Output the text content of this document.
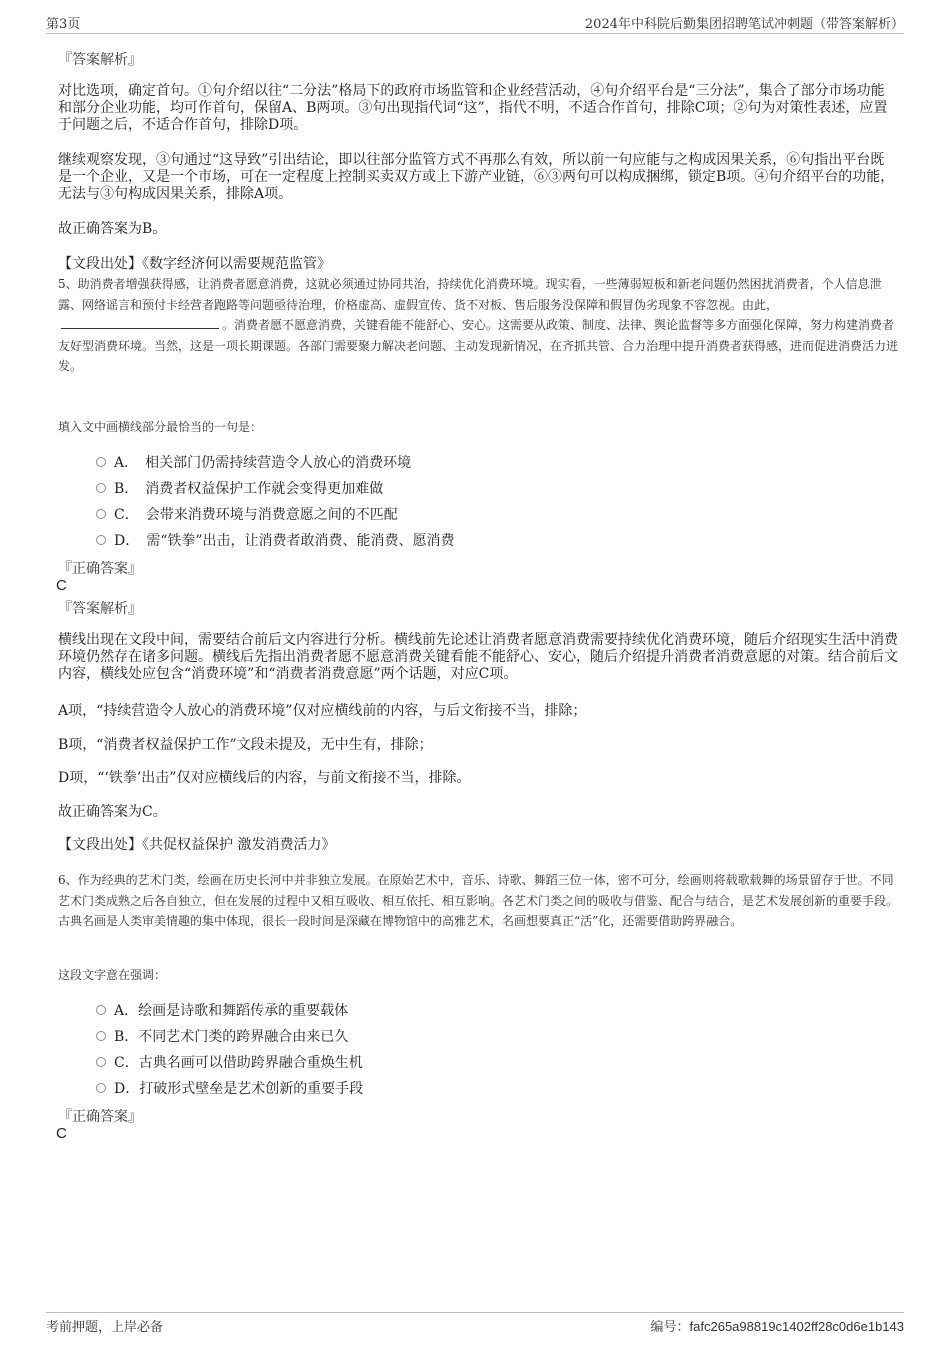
第3页	2024年中科院后勤集团招聘笔试冲刺题（带答案解析）
『答案解析』
对比选项，确定首句。①句介绍以往“二分法”格局下的政府市场监管和企业经营活动，④句介绍平台是“三分法”，集合了部分市场功能和部分企业功能，均可作首句，保留A、B两项。③句出现指代词“这”，指代不明，不适合作首句，排除C项；②句为对策性表述，应置于问题之后，不适合作首句，排除D项。
继续观察发现，③句通过“这导致”引出结论，即以往部分监管方式不再那么有效，所以前一句应能与之构成因果关系，⑥句指出平台既是一个企业，又是一个市场，可在一定程度上控制买卖双方或上下游产业链，⑥③两句可以构成捆绑，锁定B项。④句介绍平台的功能，无法与③句构成因果关系，排除A项。
故正确答案为B。
【文段出处】《数字经济何以需要规范监管》
5、助消费者增强获得感，让消费者愿意消费，这就必须通过协同共治，持续优化消费环境。现实看，一些薄弱短板和新老问题仍然困扰消费者，个人信息泄露、网络谣言和预付卡经营者跑路等问题亟待治理，价格虚高、虚假宣传、货不对板、售后服务没保障和假冒伪劣现象不容忽视。由此，。消费者愿不愿意消费，关键看能不能舒心、安心。这需要从政策、制度、法律、舆论监督等多方面强化保障，努力构建消费者友好型消费环境。当然，这是一项长期课题。各部门需要聚力解决老问题、主动发现新情况，在齐抓共管、合力治理中提升消费者获得感，进而促进消费活力迸发。
填入文中画横线部分最恰当的一句是：
A．　相关部门仍需持续营造令人放心的消费环境
B．　消费者权益保护工作就会变得更加难做
C．　会带来消费环境与消费意愿之间的不匹配
D．　需“铁拳”出击，让消费者敢消费、能消费、愿消费
『正确答案』
C
『答案解析』
横线出现在文段中间，需要结合前后文内容进行分析。横线前先论述让消费者愿意消费需要持续优化消费环境，随后介绍现实生活中消费环境仍然存在诸多问题。横线后先指出消费者愿不愿意消费关键看能不能舒心、安心，随后介绍提升消费者消费意愿的对策。结合前后文内容，横线处应包含“消费环境”和“消费者消费意愿”两个话题，对应C项。
A项，“持续营造令人放心的消费环境”仅对应横线前的内容，与后文衔接不当，排除；
B项，“消费者权益保护工作”文段未提及，无中生有，排除；
D项，“‘铁拳’出击”仅对应横线后的内容，与前文衔接不当，排除。
故正确答案为C。
【文段出处】《共促权益保护 激发消费活力》
6、作为经典的艺术门类，绘画在历史长河中并非独立发展。在原始艺术中，音乐、诗歌、舞蹈三位一体，密不可分，绘画则将载歌载舞的场景留存于世。不同艺术门类成熟之后各自独立，但在发展的过程中又相互吸收、相互依托、相互影响。各艺术门类之间的吸收与借鉴、配合与结合，是艺术发展创新的重要手段。古典名画是人类审美情趣的集中体现，很长一段时间是深藏在博物馆中的高雅艺术，名画想要真正“活”化，还需要借助跨界融合。
这段文字意在强调：
A．绘画是诗歌和舞蹈传承的重要载体
B．不同艺术门类的跨界融合由来已久
C．古典名画可以借助跨界融合重焕生机
D．打破形式壁垒是艺术创新的重要手段
『正确答案』
C
考前押题，上岸必备	编号：fafc265a98819c1402ff28c0d6e1b143
